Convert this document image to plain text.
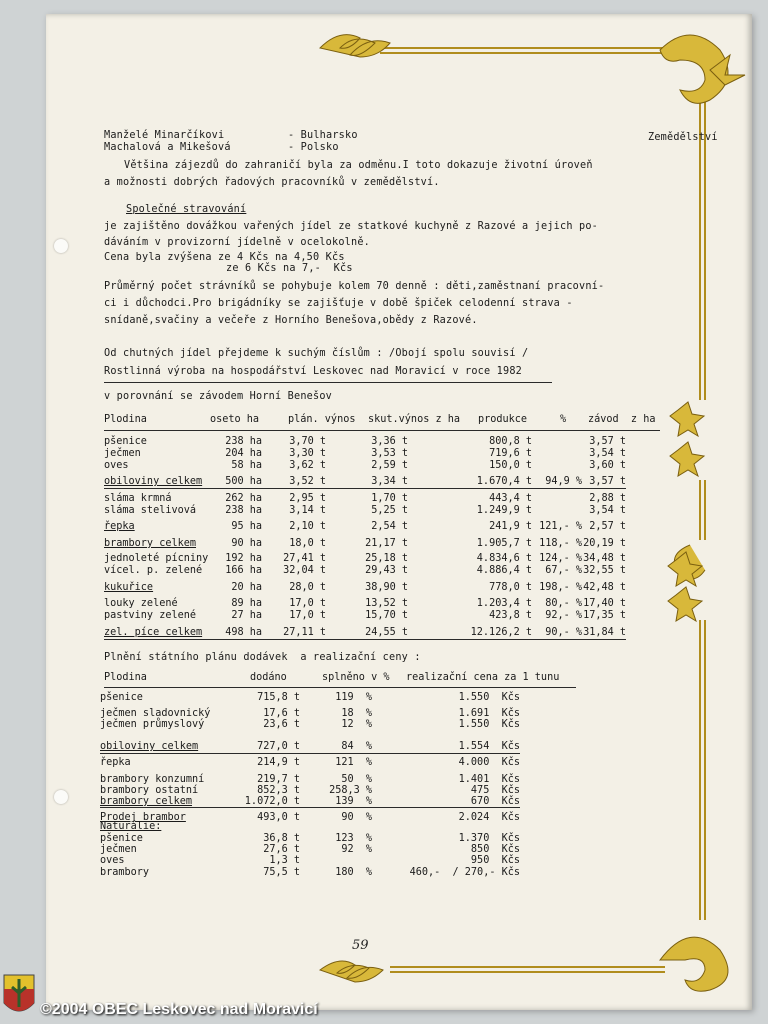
Manželé Minarčíkovi	- Bulharsko
Machalová a Mikešová	- Polsko
Zemědělství
Většina zájezdů do zahraničí byla za odměnu.I toto dokazuje životní úroveň
a možnosti dobrých řadových pracovníků v zemědělství.
Společné stravování
je zajištěno dovážkou vařených jídel ze statkové kuchyně z Razové a jejich po-
dáváním v provizorní jídelně v ocelokolně.
Cena byla zvýšena ze 4 Kčs na 4,50 Kčs
ze 6 Kčs na 7,-  Kčs
Průměrný počet strávníků se pohybuje kolem 70 denně : děti,zaměstnaní pracovní-
ci i důchodci.Pro brigádníky se zajišťuje v době špiček celodenní strava -
snídaně,svačiny a večeře z Horního Benešova,obědy z Razové.
Od chutných jídel přejdeme k suchým číslům : /Obojí spolu souvisí /
Rostlinná výroba na hospodářství Leskovec nad Moravicí v roce 1982
v porovnání se závodem Horní Benešov
Plodina	oseto ha	plán. výnos skut.výnos z ha produkce	% závod  z ha
pšenice	238 ha	3,70 t	3,36 t	800,8 t	3,57 t
ječmen	204 ha	3,30 t	3,53 t	719,6 t	3,54 t
oves	58 ha	3,62 t	2,59 t	150,0 t	3,60 t
obiloviny celkem 500 ha	3,52 t	3,34 t	1.670,4 t 94,9 % 3,57 t
sláma krmná	262 ha	2,95 t	1,70 t	443,4 t	2,88 t
sláma stelivová	238 ha	3,14 t	5,25 t	1.249,9 t	3,54 t
řepka	95 ha	2,10 t	2,54 t	241,9 t 121,- % 2,57 t
brambory celkem	90 ha	18,0 t	21,17 t	1.905,7 t 118,- % 20,19 t
jednoleté pícniny 192 ha 27,41 t	25,18 t	4.834,6 t 124,- % 34,48 t
vícel. p. zelené 166 ha 32,04 t	29,43 t	4.886,4 t 67,- % 32,55 t
kukuřice	20 ha	28,0 t	38,90 t	778,0 t 198,- % 42,48 t
louky zelené	89 ha	17,0 t	13,52 t	1.203,4 t 80,- % 17,40 t
pastviny zelené	27 ha	17,0 t	15,70 t	423,8 t 92,- % 17,35 t
zel. píce celkem 498 ha 27,11 t	24,55 t	12.126,2 t 90,- % 31,84 t
Plnění státního plánu dodávek  a realizační ceny :
Plodina	dodáno	splněno v % realizační cena za 1 tunu
pšenice	715,8 t	119  %	1.550  Kčs
ječmen sladovnický	17,6 t	18  %	1.691  Kčs
ječmen průmyslový	23,6 t	12  %	1.550  Kčs
obiloviny celkem	727,0 t	84  %	1.554  Kčs
řepka	214,9 t	121  %	4.000  Kčs
brambory konzumní	219,7 t	50  %	1.401  Kčs
brambory ostatní	852,3 t	258,3 %	475  Kčs
brambory celkem	1.072,0 t	139  %	670  Kčs
Prodej brambor	493,0 t	90  %	2.024  Kčs
Naturálie:
pšenice	36,8 t	123  %	1.370  Kčs
ječmen	27,6 t	92  %	850  Kčs
oves	1,3 t	950  Kčs
brambory	75,5 t	180  %	460,-  / 270,- Kčs
59
©2004 OBEC Leskovec nad Moravicí
